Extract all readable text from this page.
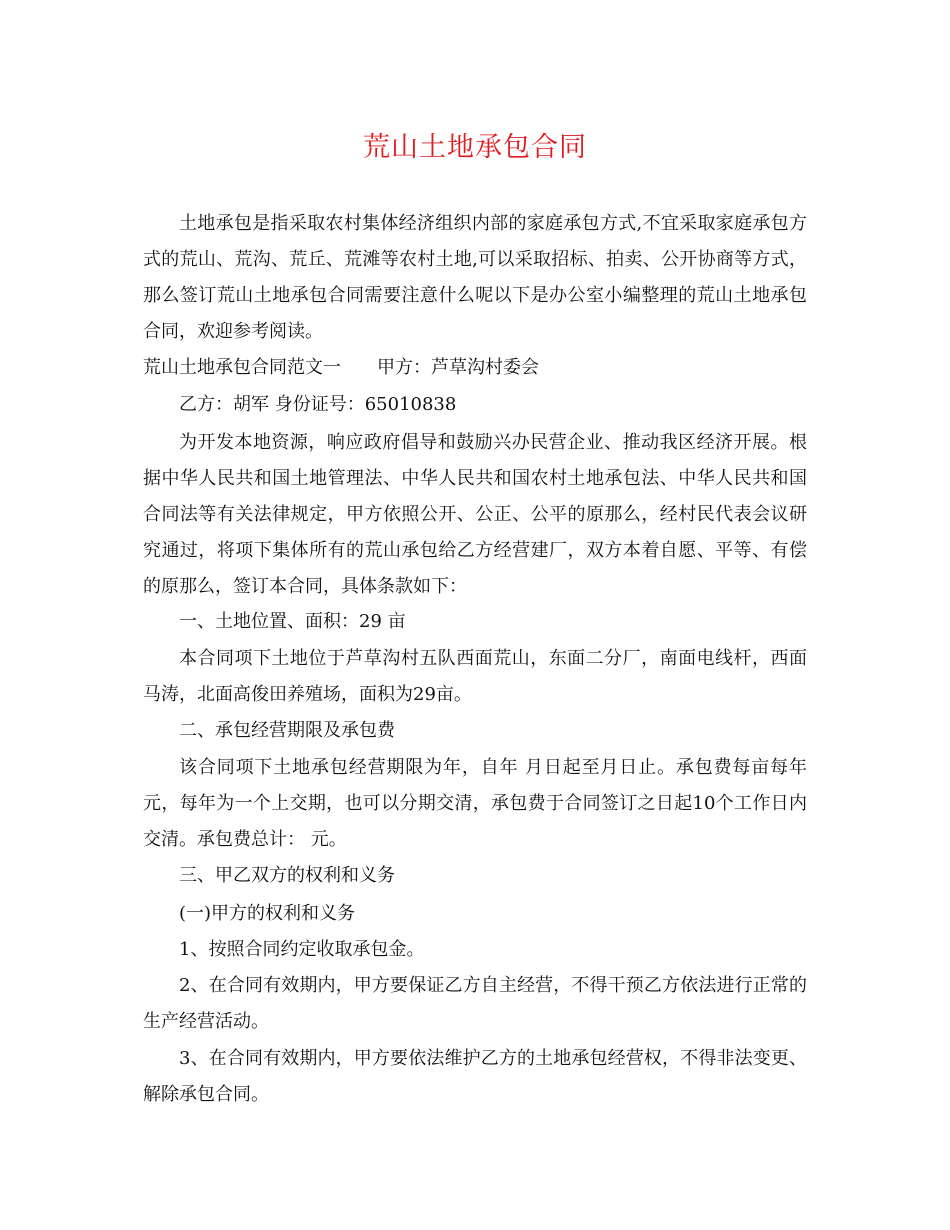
荒山土地承包合同

土地承包是指采取农村集体经济组织内部的家庭承包方式,不宜采取家庭承包方式的荒山、荒沟、荒丘、荒滩等农村土地,可以采取招标、拍卖、公开协商等方式，那么签订荒山土地承包合同需要注意什么呢以下是办公室小编整理的荒山土地承包合同，欢迎参考阅读。

荒山土地承包合同范文一 甲方：芦草沟村委会

乙方：胡军 身份证号：65010838

为开发本地资源，响应政府倡导和鼓励兴办民营企业、推动我区经济开展。根据中华人民共和国土地管理法、中华人民共和国农村土地承包法、中华人民共和国合同法等有关法律规定，甲方依照公开、公正、公平的原那么，经村民代表会议研究通过，将项下集体所有的荒山承包给乙方经营建厂，双方本着自愿、平等、有偿的原那么，签订本合同，具体条款如下：

一、土地位置、面积：29 亩

本合同项下土地位于芦草沟村五队西面荒山，东面二分厂，南面电线杆，西面马涛，北面高俊田养殖场，面积为29亩。

二、承包经营期限及承包费

该合同项下土地承包经营期限为年，自年 月日起至月日止。承包费每亩每年元，每年为一个上交期，也可以分期交清，承包费于合同签订之日起10个工作日内交清。承包费总计： 元。

三、甲乙双方的权利和义务

(一)甲方的权利和义务

1、按照合同约定收取承包金。

2、在合同有效期内，甲方要保证乙方自主经营，不得干预乙方依法进行正常的生产经营活动。

3、在合同有效期内，甲方要依法维护乙方的土地承包经营权，不得非法变更、解除承包合同。
